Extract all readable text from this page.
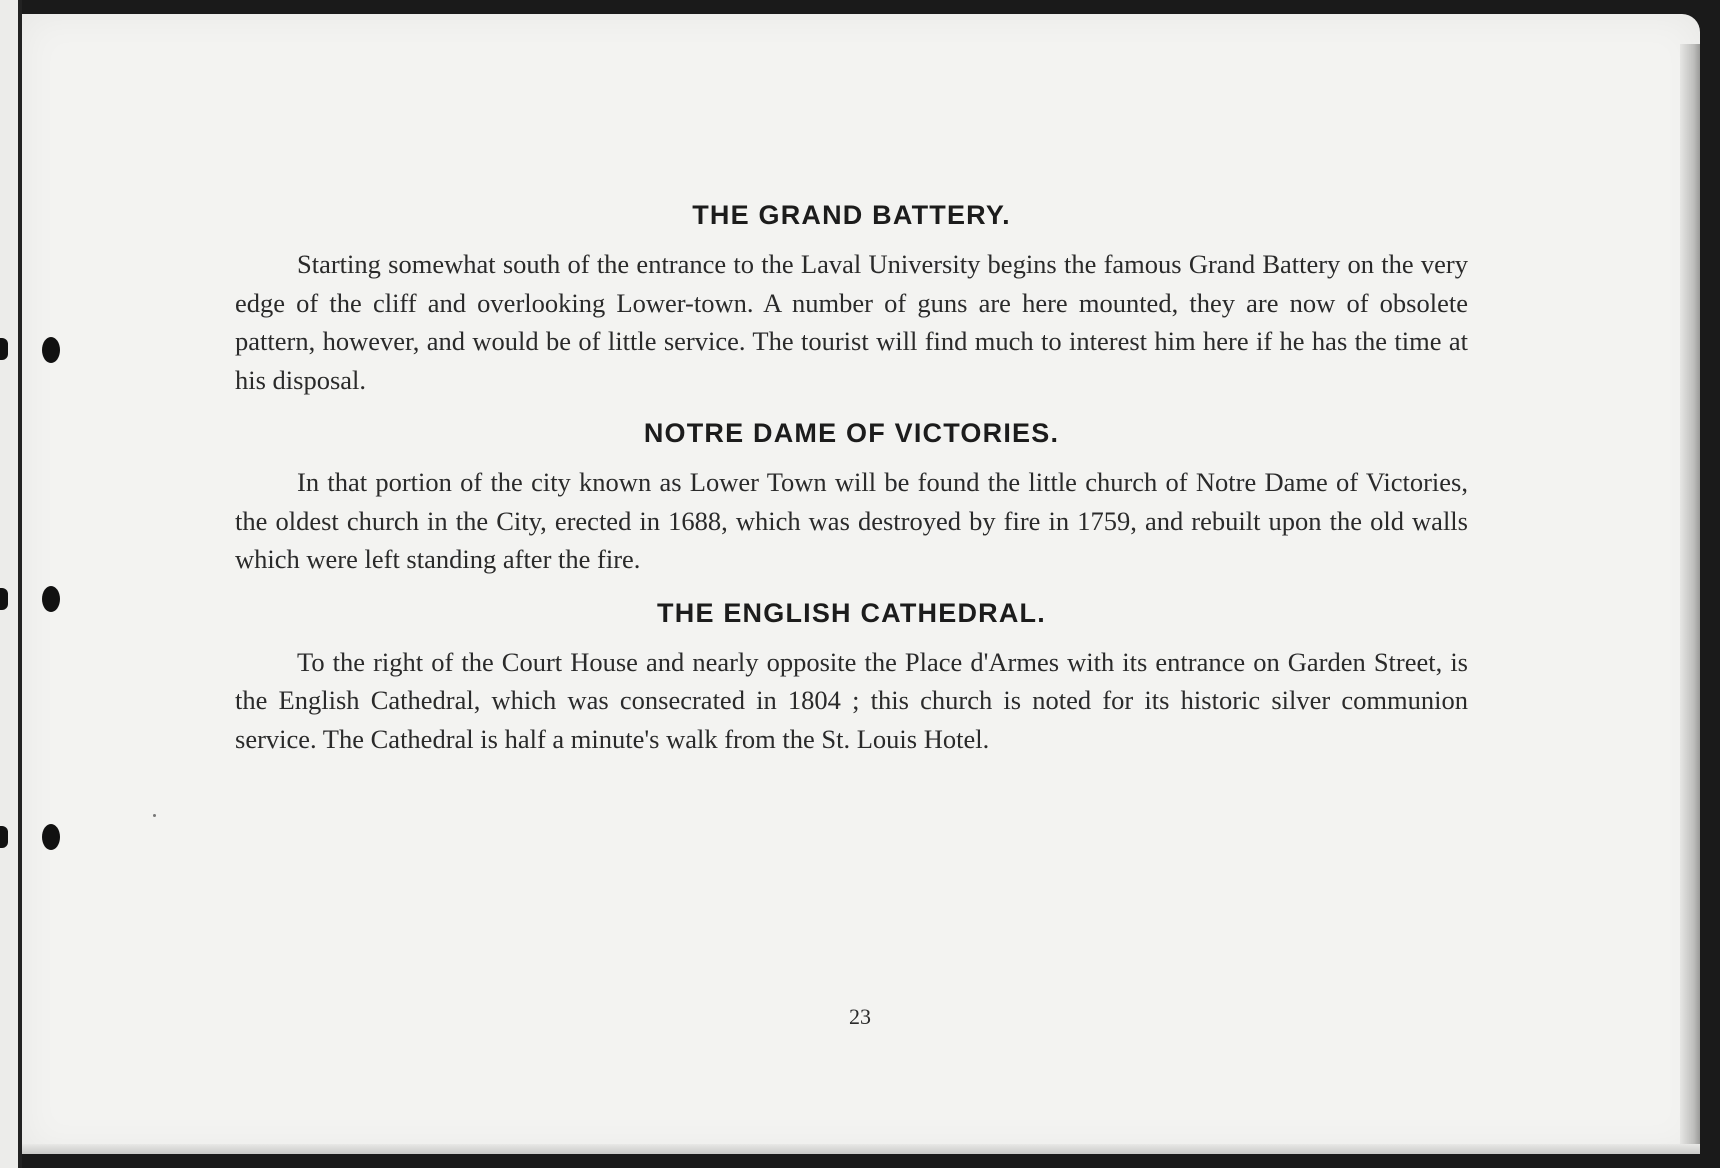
THE GRAND BATTERY.

Starting somewhat south of the entrance to the Laval University begins the famous Grand Battery on the very edge of the cliff and overlooking Lower-town. A number of guns are here mounted, they are now of obsolete pattern, however, and would be of little service. The tourist will find much to interest him here if he has the time at his disposal.

NOTRE DAME OF VICTORIES.

In that portion of the city known as Lower Town will be found the little church of Notre Dame of Victories, the oldest church in the City, erected in 1688, which was destroyed by fire in 1759, and rebuilt upon the old walls which were left standing after the fire.

THE ENGLISH CATHEDRAL.

To the right of the Court House and nearly opposite the Place d'Armes with its entrance on Garden Street, is the English Cathedral, which was consecrated in 1804 ; this church is noted for its historic silver communion service. The Cathedral is half a minute's walk from the St. Louis Hotel.

23
